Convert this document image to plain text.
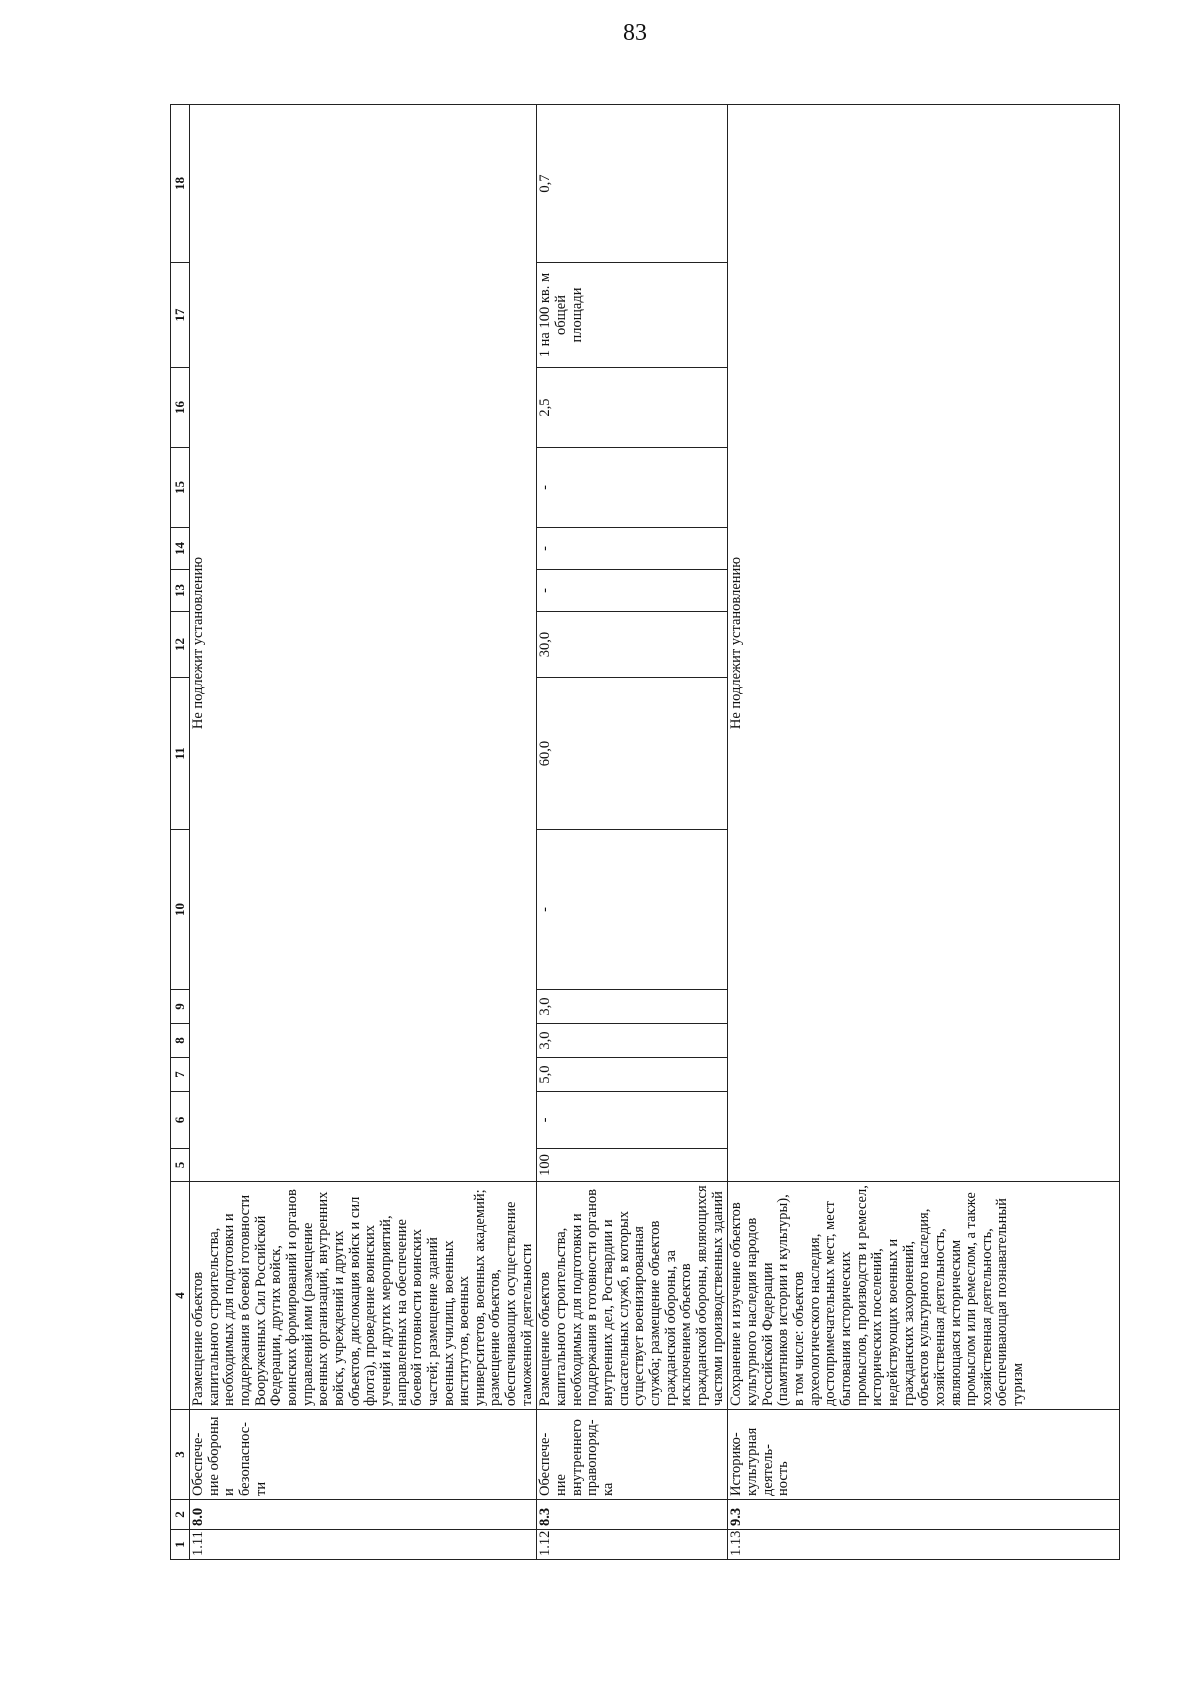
83
1	2	3	4	5	6	7	8	9	10	11	12	13	14	15	16	17	18
1.11	8.0	Обеспече-ние обороны и безопаснос-ти	Размещение объектов капитального строительства, необходимых для подготовки и поддержания в боевой готовности Вооруженных Сил Российской Федерации, других войск, воинских формирований и органов управлений ими (размещение военных организаций, внутренних войск, учреждений и других объектов, дислокация войск и сил флота), проведение воинских учений и других мероприятий, направленных на обеспечение боевой готовности воинских частей; размещение зданий военных училищ, военных институтов, военных университетов, военных академий; размещение объектов, обеспечивающих осуществление таможенной деятельности	Не подлежит установлению													
1.12	8.3	Обеспече-ние внутреннего правопоряд-ка	Размещение объектов капитального строительства, необходимых для подготовки и поддержания в готовности органов внутренних дел, Росгвардии и спасательных служб, в которых существует военизированная служба; размещение объектов гражданской обороны, за исключением объектов гражданской обороны, являющихся частями производственных зданий	100	-	5,0	3,0	3,0	-	60,0	30,0	-	-	-	2,5	1 на 100 кв. м общей площади	0,7
1.13	9.3	Историко-культурная деятель-ность	Сохранение и изучение объектов культурного наследия народов Российской Федерации (памятников истории и культуры), в том числе: объектов археологического наследия, достопримечательных мест, мест бытования исторических промыслов, производств и ремесел, исторических поселений, недействующих военных и гражданских захоронений, объектов культурного наследия, хозяйственная деятельность, являющаяся историческим промыслом или ремеслом, а также хозяйственная деятельность, обеспечивающая познавательный туризм	Не подлежит установлению													
